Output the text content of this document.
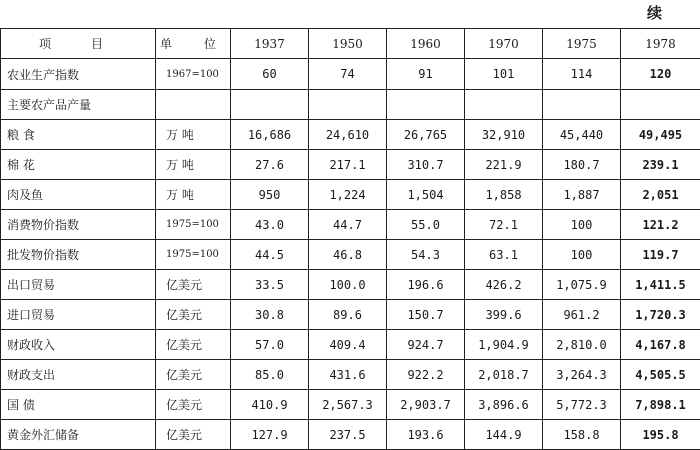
续
项　目	单 位	1937	1950	1960	1970	1975	1978
农业生产指数	1967=100	60	74	91	101	114	120
主要农产品产量							
粮 食	万 吨	16,686	24,610	26,765	32,910	45,440	49,495
棉 花	万 吨	27.6	217.1	310.7	221.9	180.7	239.1
肉及鱼	万 吨	950	1,224	1,504	1,858	1,887	2,051
消费物价指数	1975=100	43.0	44.7	55.0	72.1	100	121.2
批发物价指数	1975=100	44.5	46.8	54.3	63.1	100	119.7
出口贸易	亿美元	33.5	100.0	196.6	426.2	1,075.9	1,411.5
进口贸易	亿美元	30.8	89.6	150.7	399.6	961.2	1,720.3
财政收入	亿美元	57.0	409.4	924.7	1,904.9	2,810.0	4,167.8
财政支出	亿美元	85.0	431.6	922.2	2,018.7	3,264.3	4,505.5
国 债	亿美元	410.9	2,567.3	2,903.7	3,896.6	5,772.3	7,898.1
黄金外汇储备	亿美元	127.9	237.5	193.6	144.9	158.8	195.8
